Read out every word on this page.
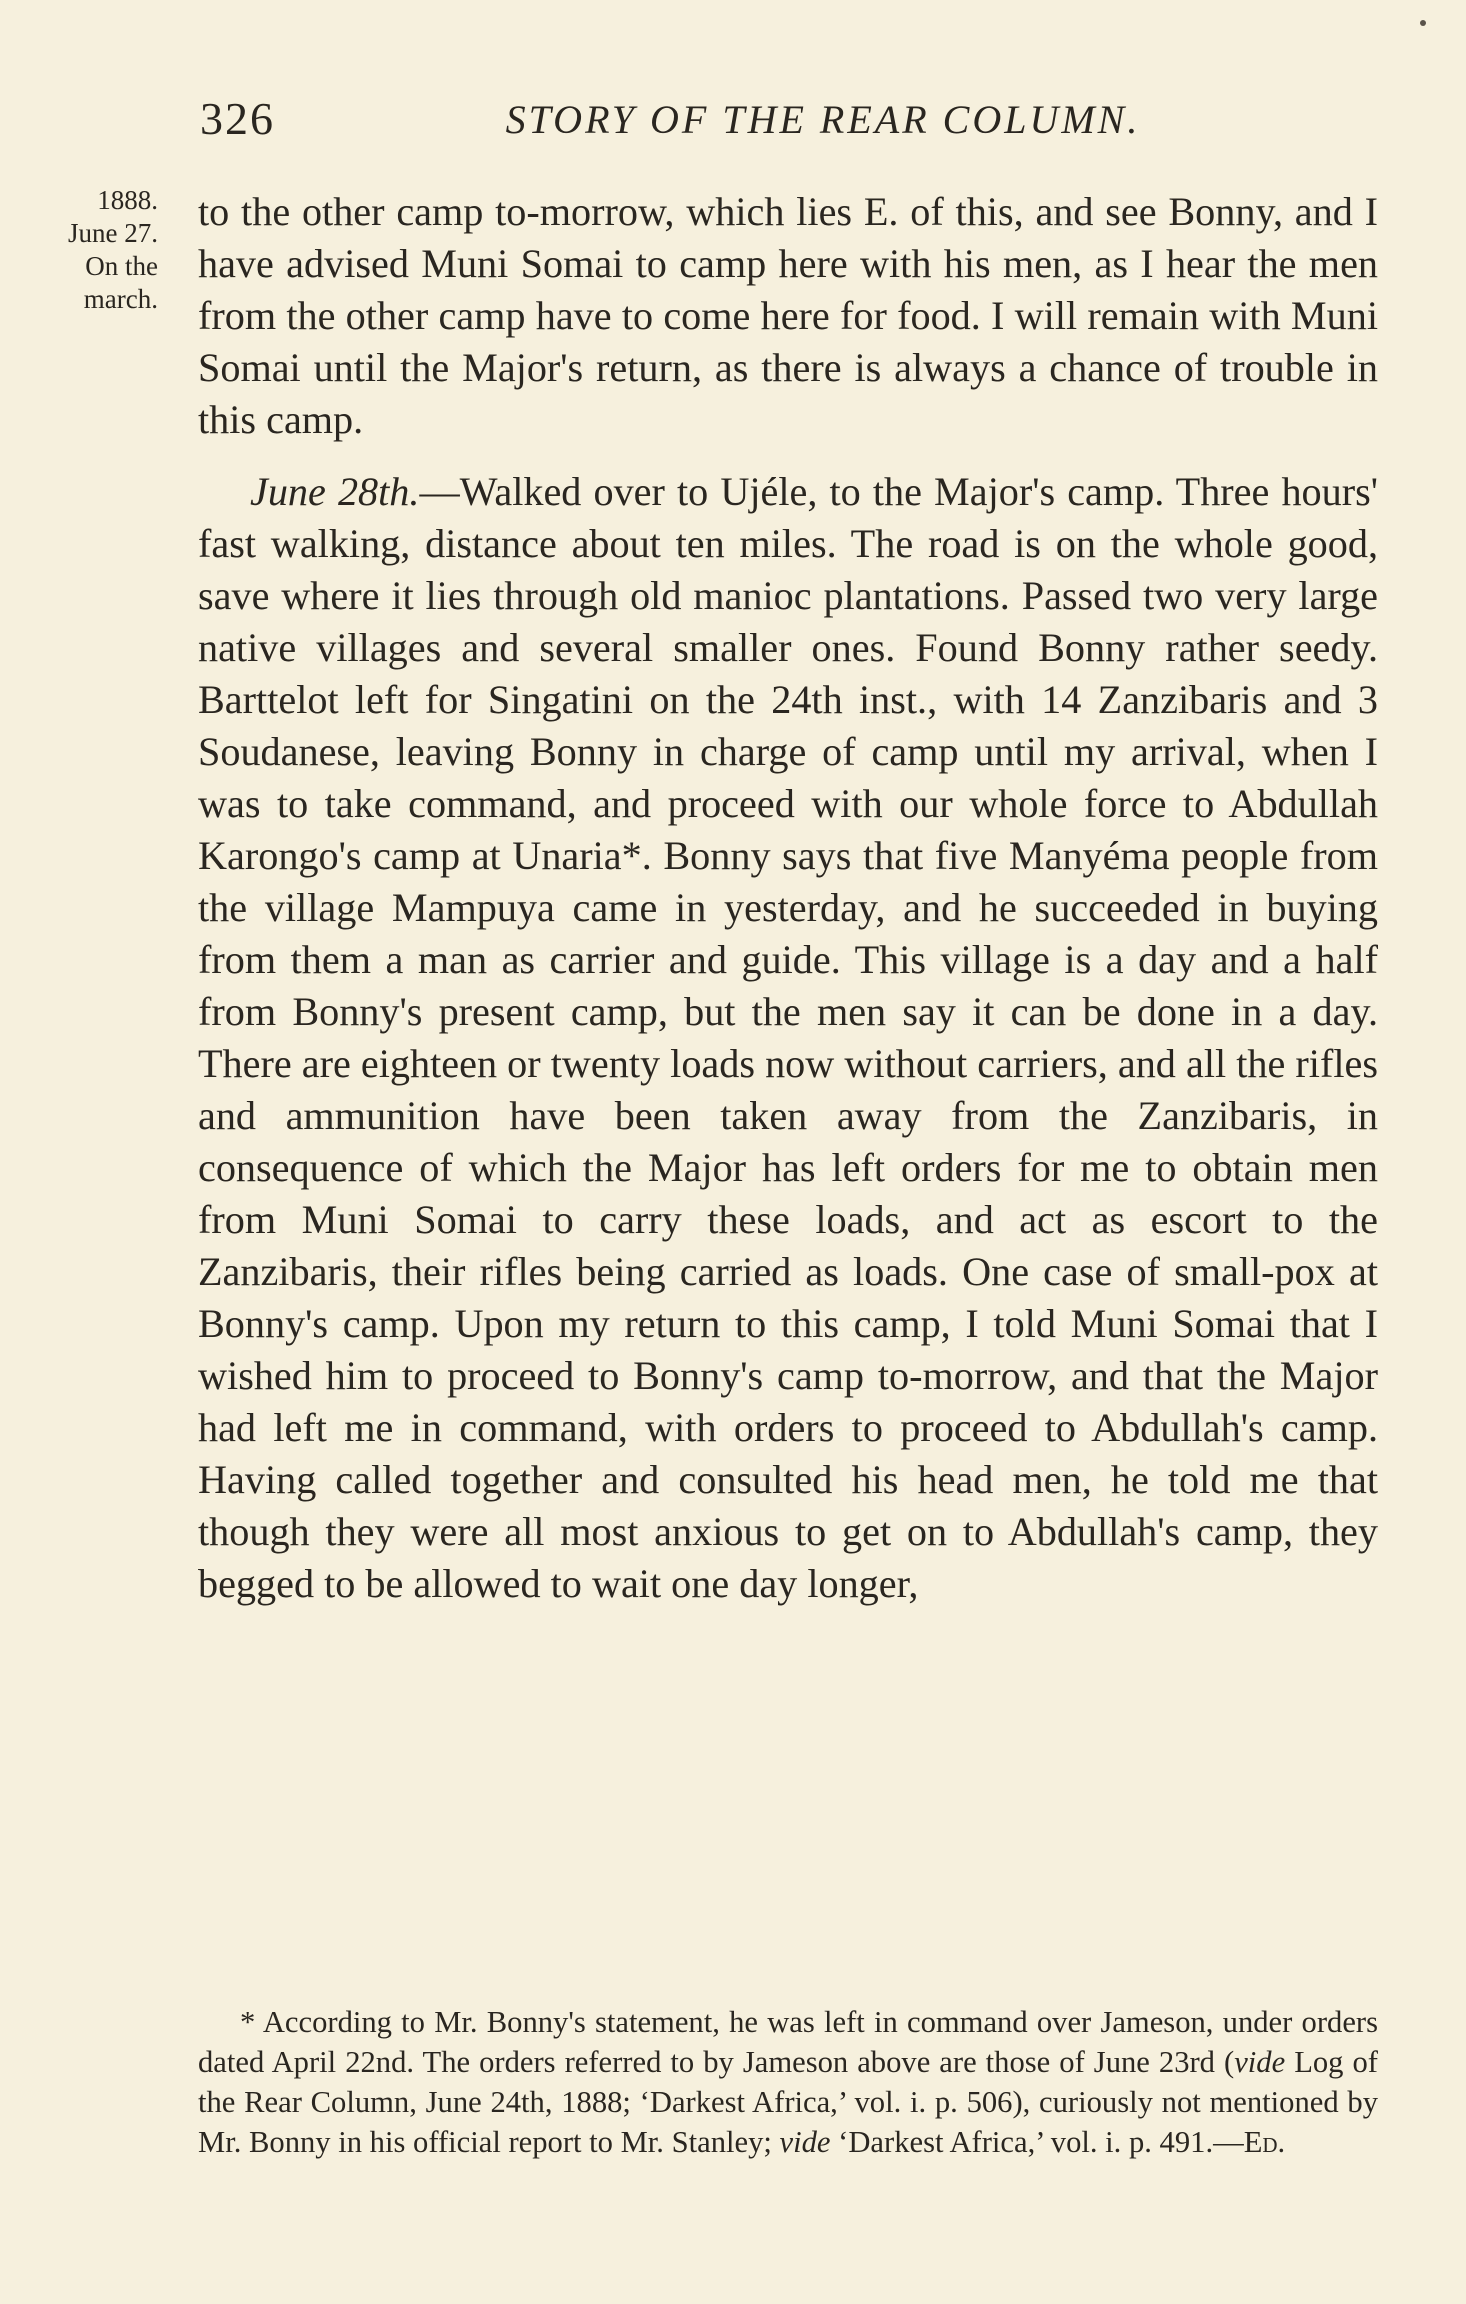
326	STORY OF THE REAR COLUMN.
1888.
June 27.
On the
march.

to the other camp to-morrow, which lies E. of this, and see Bonny, and I have advised Muni Somai to camp here with his men, as I hear the men from the other camp have to come here for food. I will remain with Muni Somai until the Major's return, as there is always a chance of trouble in this camp.

June 28th.—Walked over to Ujéle, to the Major's camp. Three hours' fast walking, distance about ten miles. The road is on the whole good, save where it lies through old manioc plantations. Passed two very large native villages and several smaller ones. Found Bonny rather seedy. Barttelot left for Singatini on the 24th inst., with 14 Zanzibaris and 3 Soudanese, leaving Bonny in charge of camp until my arrival, when I was to take command, and proceed with our whole force to Abdullah Karongo's camp at Unaria*. Bonny says that five Manyéma people from the village Mampuya came in yesterday, and he succeeded in buying from them a man as carrier and guide. This village is a day and a half from Bonny's present camp, but the men say it can be done in a day. There are eighteen or twenty loads now without carriers, and all the rifles and ammunition have been taken away from the Zanzibaris, in consequence of which the Major has left orders for me to obtain men from Muni Somai to carry these loads, and act as escort to the Zanzibaris, their rifles being carried as loads. One case of small-pox at Bonny's camp. Upon my return to this camp, I told Muni Somai that I wished him to proceed to Bonny's camp to-morrow, and that the Major had left me in command, with orders to proceed to Abdullah's camp. Having called together and consulted his head men, he told me that though they were all most anxious to get on to Abdullah's camp, they begged to be allowed to wait one day longer,

* According to Mr. Bonny's statement, he was left in command over Jameson, under orders dated April 22nd. The orders referred to by Jameson above are those of June 23rd (vide Log of the Rear Column, June 24th, 1888; ‘Darkest Africa,’ vol. i. p. 506), curiously not mentioned by Mr. Bonny in his official report to Mr. Stanley; vide ‘Darkest Africa,’ vol. i. p. 491.—Ed.
